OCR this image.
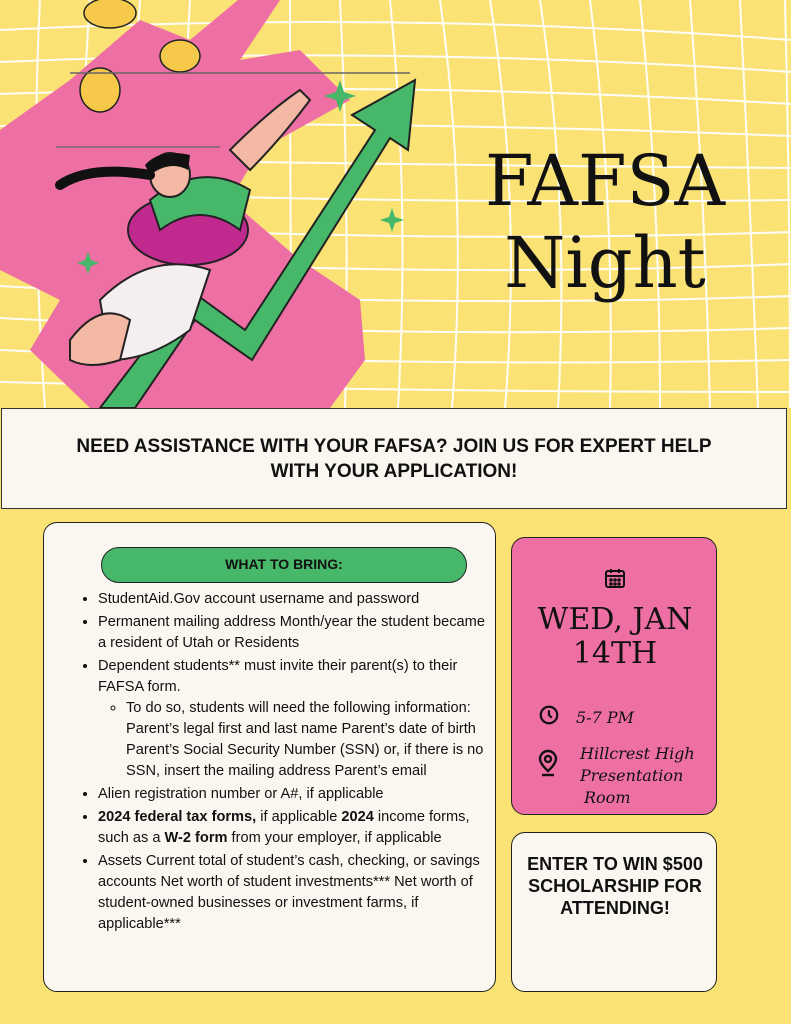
FAFSA
Night

NEED ASSISTANCE WITH YOUR FAFSA? JOIN US FOR EXPERT HELP WITH YOUR APPLICATION!

WHAT TO BRING:
• StudentAid.Gov account username and password
• Permanent mailing address Month/year the student became a resident of Utah or Residents
• Dependent students** must invite their parent(s) to their FAFSA form.
◦ To do so, students will need the following information: Parent’s legal first and last name Parent’s date of birth Parent’s Social Security Number (SSN) or, if there is no SSN, insert the mailing address Parent’s email
• Alien registration number or A#, if applicable
• 2024 federal tax forms, if applicable 2024 income forms, such as a W-2 form from your employer, if applicable
• Assets Current total of student’s cash, checking, or savings accounts Net worth of student investments*** Net worth of student-owned businesses or investment farms, if applicable***

WED, JAN 14TH

5-7 PM
Hillcrest High
Presentation
Room

ENTER TO WIN $500 SCHOLARSHIP FOR ATTENDING!
